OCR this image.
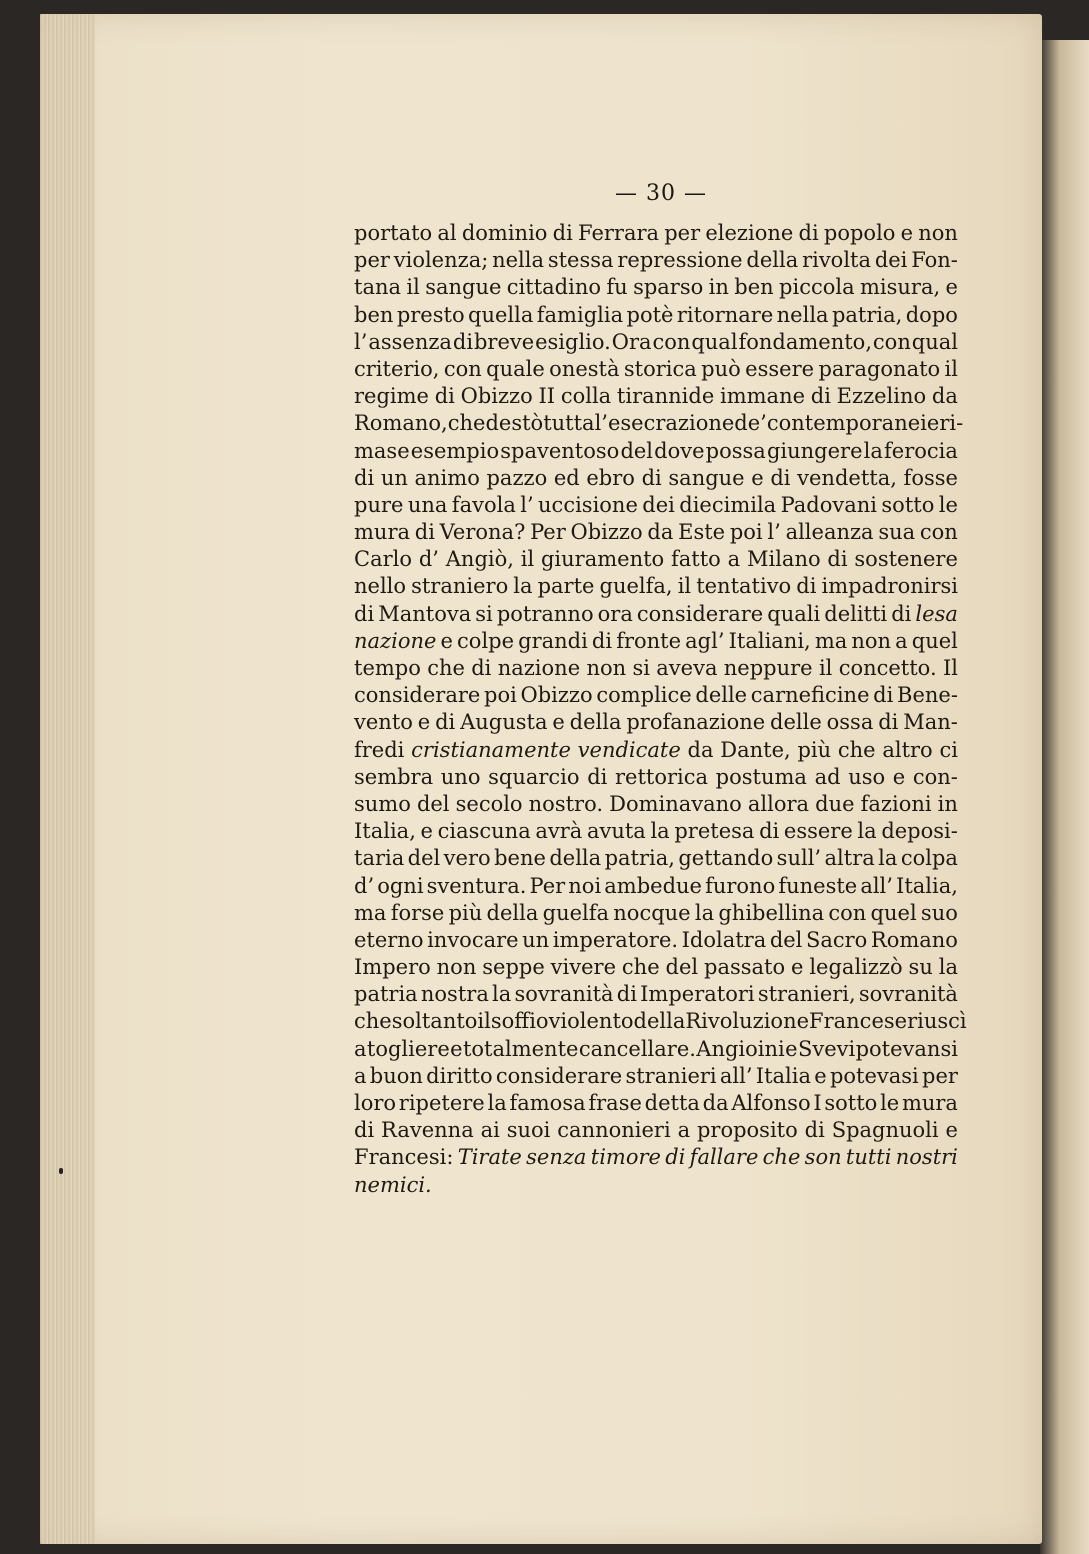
— 30 —
portato al dominio di Ferrara per elezione di popolo e non
per violenza; nella stessa repressione della rivolta dei Fon-
tana il sangue cittadino fu sparso in ben piccola misura, e
ben presto quella famiglia potè ritornare nella patria, dopo
l’ assenza di breve esiglio. Ora con qual fondamento, con qual
criterio, con quale onestà storica può essere paragonato il
regime di Obizzo II colla tirannide immane di Ezzelino da
Romano, che destò tutta l’ esecrazione de’ contemporanei e ri-
mase esempio spaventoso del dove possa giungere la ferocia
di un animo pazzo ed ebro di sangue e di vendetta, fosse
pure una favola l’ uccisione dei diecimila Padovani sotto le
mura di Verona? Per Obizzo da Este poi l’ alleanza sua con
Carlo d’ Angiò, il giuramento fatto a Milano di sostenere
nello straniero la parte guelfa, il tentativo di impadronirsi
di Mantova si potranno ora considerare quali delitti di lesa
nazione e colpe grandi di fronte agl’ Italiani, ma non a quel
tempo che di nazione non si aveva neppure il concetto. Il
considerare poi Obizzo complice delle carneficine di Bene-
vento e di Augusta e della profanazione delle ossa di Man-
fredi cristianamente vendicate da Dante, più che altro ci
sembra uno squarcio di rettorica postuma ad uso e con-
sumo del secolo nostro. Dominavano allora due fazioni in
Italia, e ciascuna avrà avuta la pretesa di essere la deposi-
taria del vero bene della patria, gettando sull’ altra la colpa
d’ ogni sventura. Per noi ambedue furono funeste all’ Italia,
ma forse più della guelfa nocque la ghibellina con quel suo
eterno invocare un imperatore. Idolatra del Sacro Romano
Impero non seppe vivere che del passato e legalizzò su la
patria nostra la sovranità di Imperatori stranieri, sovranità
che soltanto il soffio violento della Rivoluzione Francese riuscì
a togliere e totalmente cancellare. Angioini e Svevi potevansi
a buon diritto considerare stranieri all’ Italia e potevasi per
loro ripetere la famosa frase detta da Alfonso I sotto le mura
di Ravenna ai suoi cannonieri a proposito di Spagnuoli e
Francesi: Tirate senza timore di fallare che son tutti nostri
nemici.
